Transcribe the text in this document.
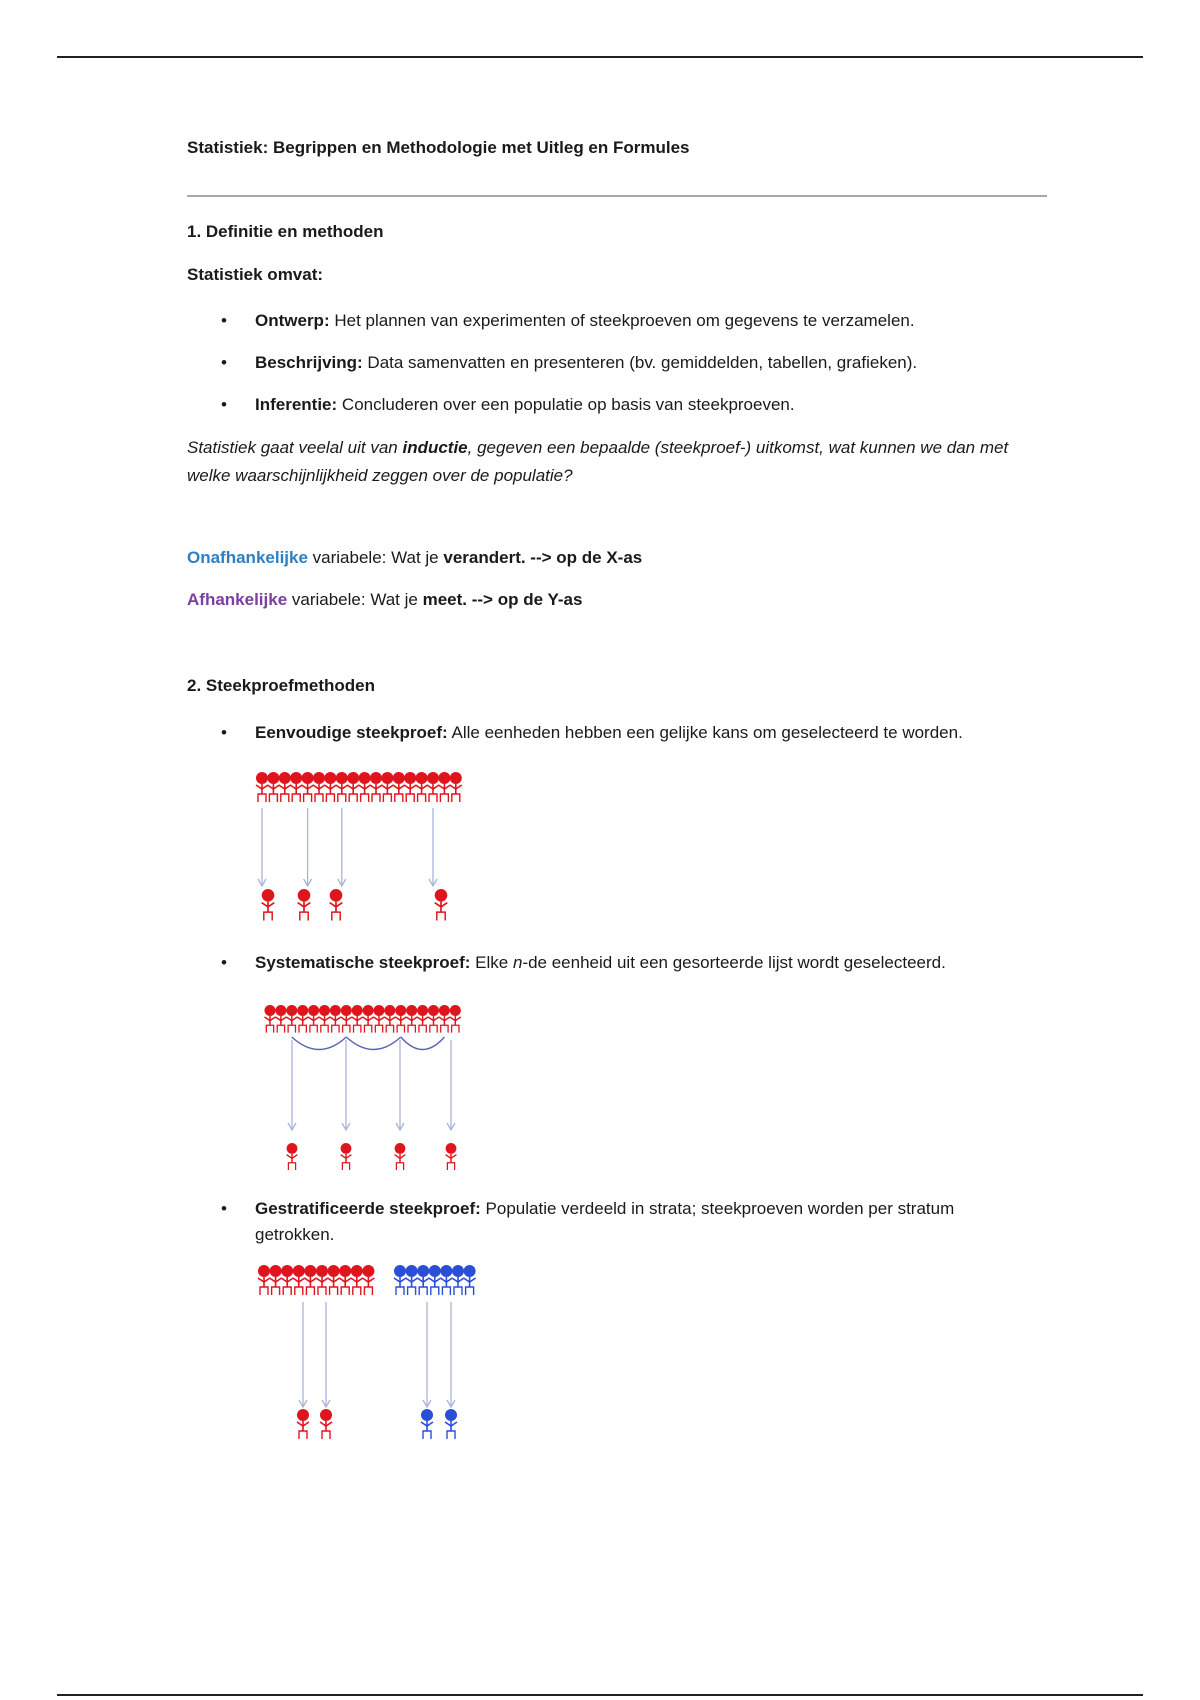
Statistiek: Begrippen en Methodologie met Uitleg en Formules
1. Definitie en methoden
Statistiek omvat:
• Ontwerp: Het plannen van experimenten of steekproeven om gegevens te verzamelen.
• Beschrijving: Data samenvatten en presenteren (bv. gemiddelden, tabellen, grafieken).
• Inferentie: Concluderen over een populatie op basis van steekproeven.
Statistiek gaat veelal uit van inductie, gegeven een bepaalde (steekproef-) uitkomst, wat kunnen we dan met welke waarschijnlijkheid zeggen over de populatie?
Onafhankelijke variabele: Wat je verandert. --> op de X-as
Afhankelijke variabele: Wat je meet. --> op de Y-as
2. Steekproefmethoden
• Eenvoudige steekproef: Alle eenheden hebben een gelijke kans om geselecteerd te worden.
• Systematische steekproef: Elke n-de eenheid uit een gesorteerde lijst wordt geselecteerd.
• Gestratificeerde steekproef: Populatie verdeeld in strata; steekproeven worden per stratum getrokken.
